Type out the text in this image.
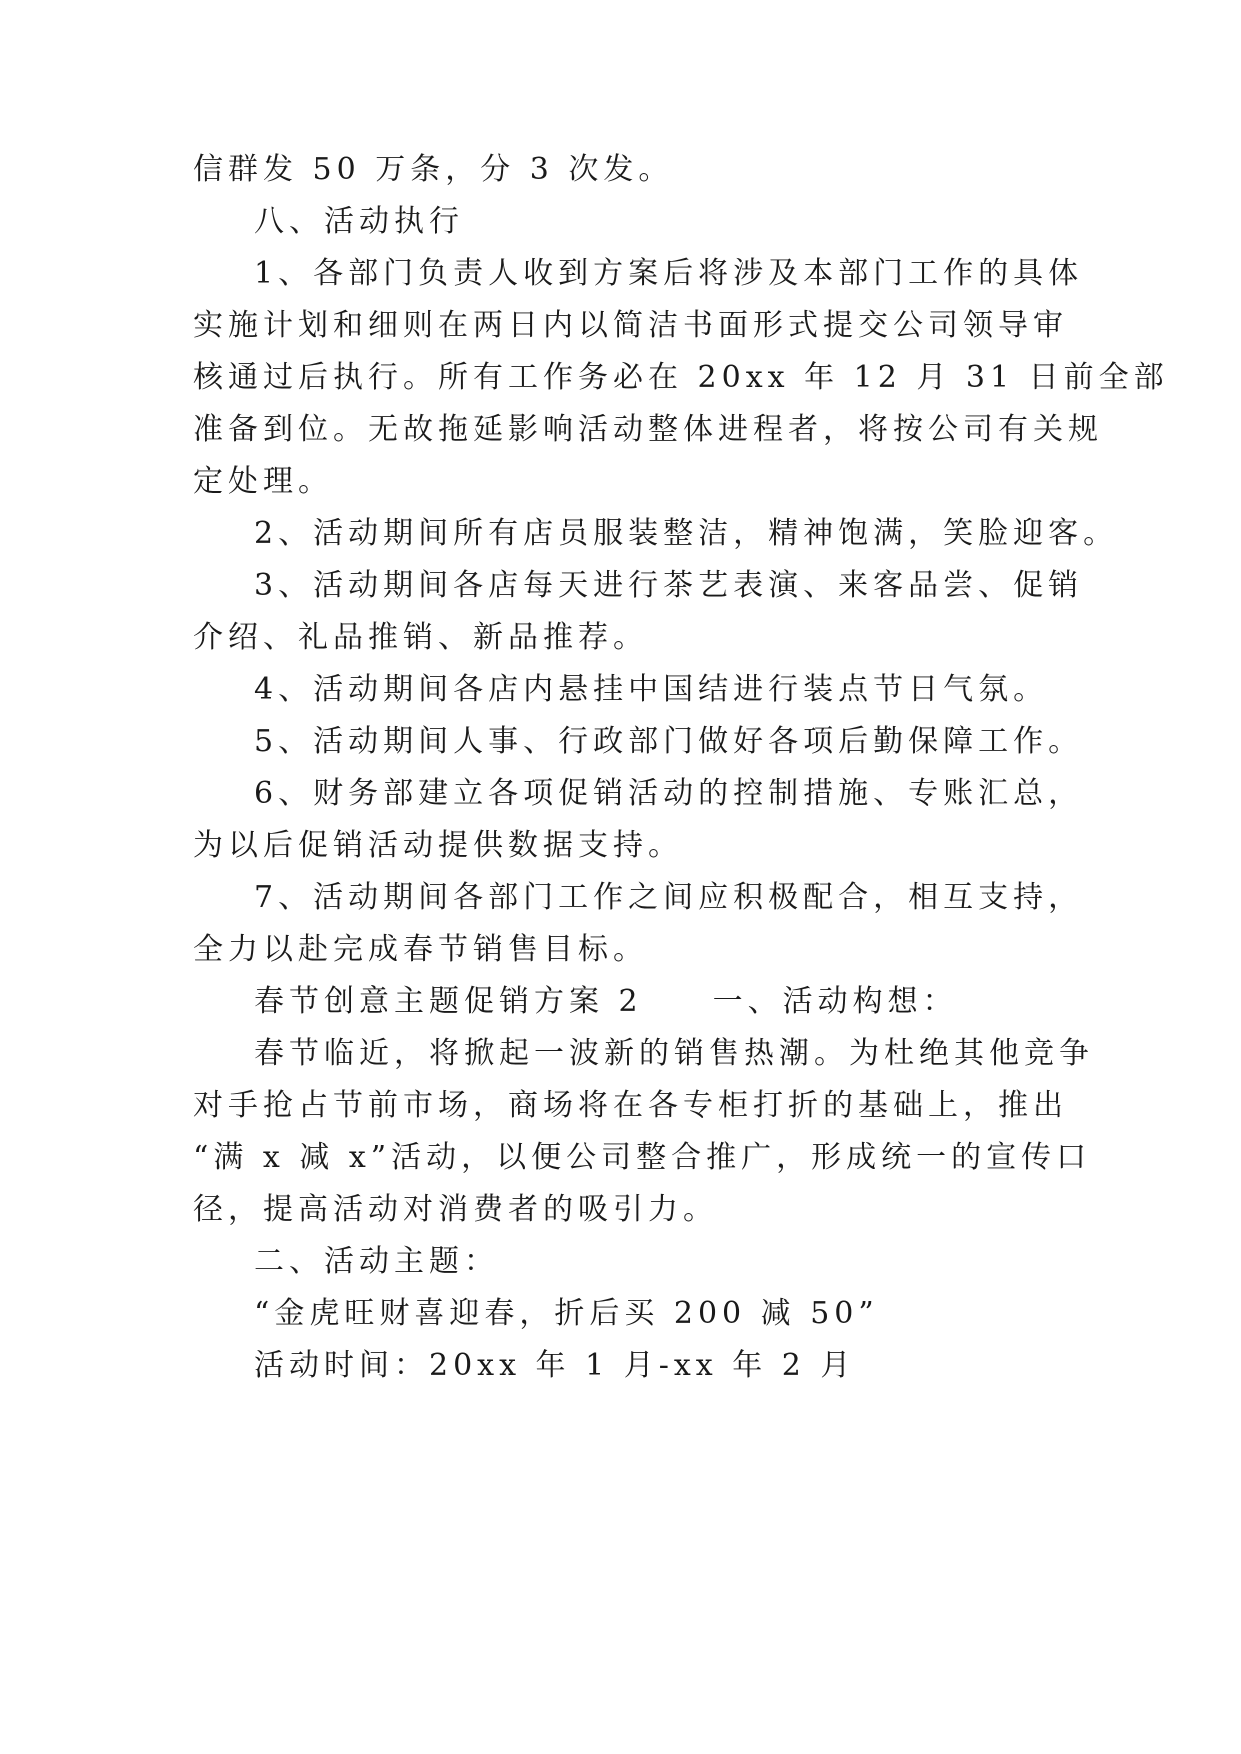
信群发 50 万条，分 3 次发。
八、活动执行
1、各部门负责人收到方案后将涉及本部门工作的具体
实施计划和细则在两日内以简洁书面形式提交公司领导审
核通过后执行。所有工作务必在 20xx 年 12 月 31 日前全部
准备到位。无故拖延影响活动整体进程者，将按公司有关规
定处理。
2、活动期间所有店员服装整洁，精神饱满，笑脸迎客。
3、活动期间各店每天进行茶艺表演、来客品尝、促销
介绍、礼品推销、新品推荐。
4、活动期间各店内悬挂中国结进行装点节日气氛。
5、活动期间人事、行政部门做好各项后勤保障工作。
6、财务部建立各项促销活动的控制措施、专账汇总，
为以后促销活动提供数据支持。
7、活动期间各部门工作之间应积极配合，相互支持，
全力以赴完成春节销售目标。
春节创意主题促销方案 2　　一、活动构想：
春节临近，将掀起一波新的销售热潮。为杜绝其他竞争
对手抢占节前市场，商场将在各专柜打折的基础上，推出
“满 x 减 x”活动，以便公司整合推广，形成统一的宣传口
径，提高活动对消费者的吸引力。
二、活动主题：
“金虎旺财喜迎春，折后买 200 减 50”
活动时间：20xx 年 1 月-xx 年 2 月
